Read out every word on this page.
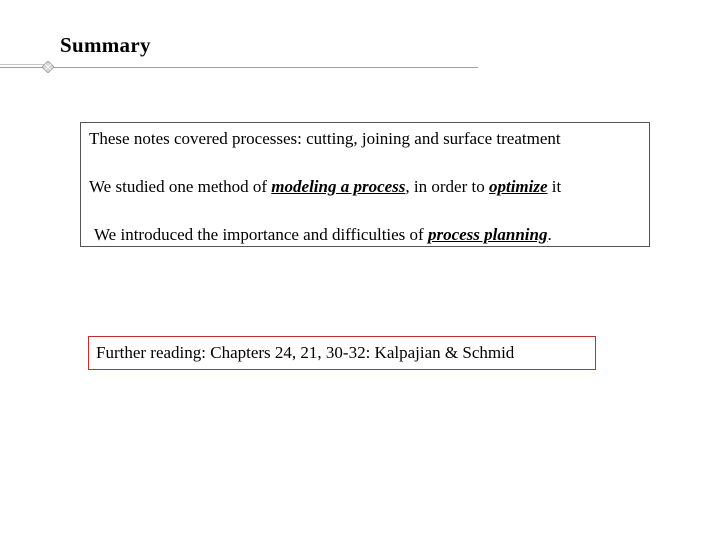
Summary
These notes covered processes: cutting, joining and surface treatment
We studied one method of modeling a process, in order to optimize it
We introduced the importance and difficulties of process planning.
Further reading: Chapters 24, 21, 30-32: Kalpajian & Schmid
